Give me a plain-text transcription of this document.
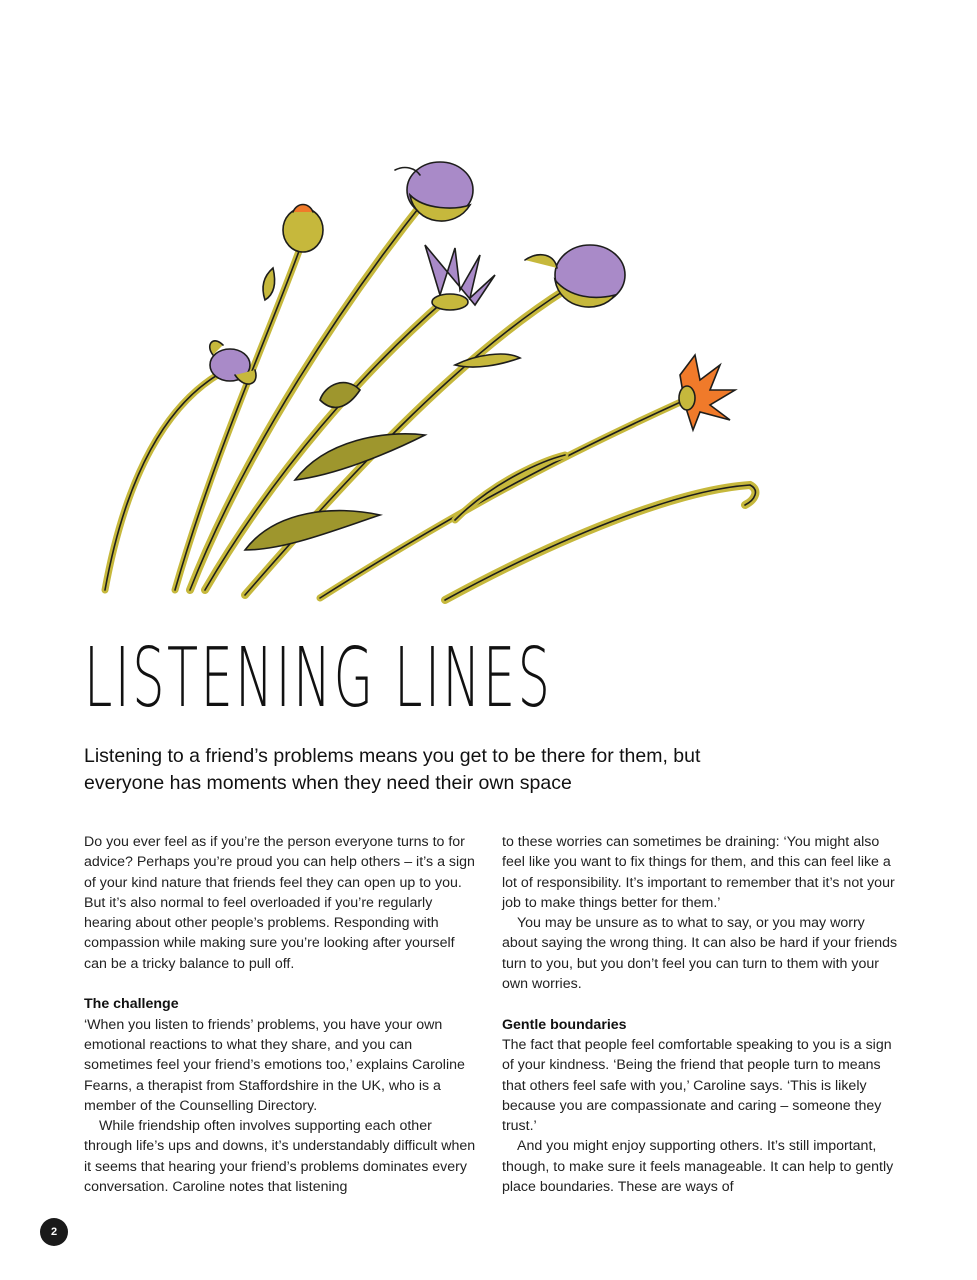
LISTENING LINES

Listening to a friend’s problems means you get to be there for them, but everyone has moments when they need their own space

Do you ever feel as if you’re the person everyone turns to for advice? Perhaps you’re proud you can help others – it’s a sign of your kind nature that friends feel they can open up to you. But it’s also normal to feel overloaded if you’re regularly hearing about other people’s problems. Responding with compassion while making sure you’re looking after yourself can be a tricky balance to pull off.

The challenge

‘When you listen to friends’ problems, you have your own emotional reactions to what they share, and you can sometimes feel your friend’s emotions too,’ explains Caroline Fearns, a therapist from Staffordshire in the UK, who is a member of the Counselling Directory.

While friendship often involves supporting each other through life’s ups and downs, it’s understandably difficult when it seems that hearing your friend’s problems dominates every conversation. Caroline notes that listening

to these worries can sometimes be draining: ‘You might also feel like you want to fix things for them, and this can feel like a lot of responsibility. It’s important to remember that it’s not your job to make things better for them.’

You may be unsure as to what to say, or you may worry about saying the wrong thing. It can also be hard if your friends turn to you, but you don’t feel you can turn to them with your own worries.

Gentle boundaries

The fact that people feel comfortable speaking to you is a sign of your kindness. ‘Being the friend that people turn to means that others feel safe with you,’ Caroline says. ‘This is likely because you are compassionate and caring – someone they trust.’

And you might enjoy supporting others. It’s still important, though, to make sure it feels manageable. It can help to gently place boundaries. These are ways of

2
